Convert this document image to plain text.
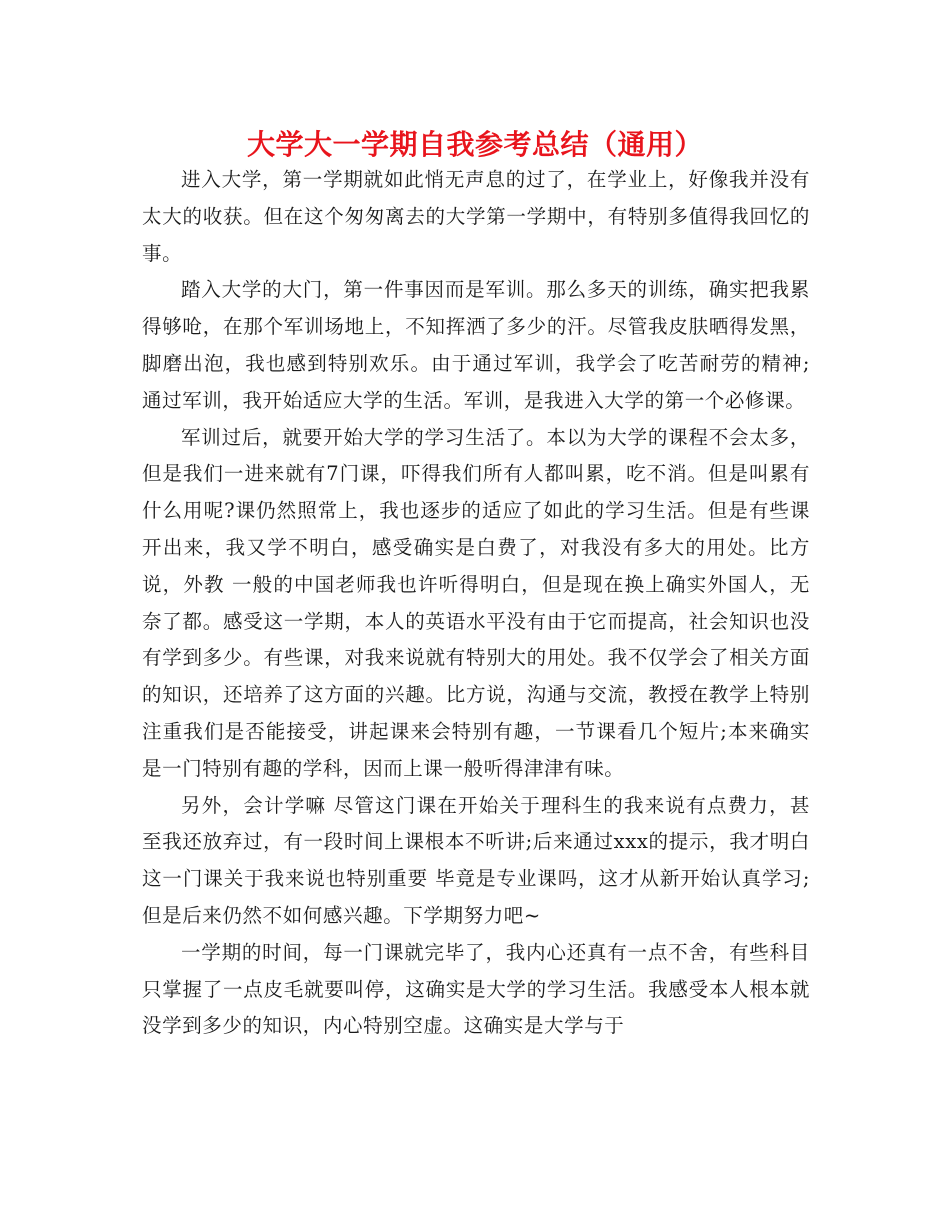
大学大一学期自我参考总结（通用）

进入大学，第一学期就如此悄无声息的过了，在学业上，好像我并没有太大的收获。但在这个匆匆离去的大学第一学期中，有特别多值得我回忆的事。

踏入大学的大门，第一件事因而是军训。那么多天的训练，确实把我累得够呛，在那个军训场地上，不知挥洒了多少的汗。尽管我皮肤晒得发黑，脚磨出泡，我也感到特别欢乐。由于通过军训，我学会了吃苦耐劳的精神;通过军训，我开始适应大学的生活。军训，是我进入大学的第一个必修课。

军训过后，就要开始大学的学习生活了。本以为大学的课程不会太多，但是我们一进来就有7门课，吓得我们所有人都叫累，吃不消。但是叫累有什么用呢?课仍然照常上，我也逐步的适应了如此的学习生活。但是有些课开出来，我又学不明白，感受确实是白费了，对我没有多大的用处。比方说，外教 一般的中国老师我也许听得明白，但是现在换上确实外国人，无奈了都。感受这一学期，本人的英语水平没有由于它而提高，社会知识也没有学到多少。有些课，对我来说就有特别大的用处。我不仅学会了相关方面的知识，还培养了这方面的兴趣。比方说，沟通与交流，教授在教学上特别注重我们是否能接受，讲起课来会特别有趣，一节课看几个短片;本来确实是一门特别有趣的学科，因而上课一般听得津津有味。

另外，会计学嘛 尽管这门课在开始关于理科生的我来说有点费力，甚至我还放弃过，有一段时间上课根本不听讲;后来通过xxx的提示，我才明白这一门课关于我来说也特别重要 毕竟是专业课吗，这才从新开始认真学习;但是后来仍然不如何感兴趣。下学期努力吧~

一学期的时间，每一门课就完毕了，我内心还真有一点不舍，有些科目只掌握了一点皮毛就要叫停，这确实是大学的学习生活。我感受本人根本就没学到多少的知识，内心特别空虚。这确实是大学与于
